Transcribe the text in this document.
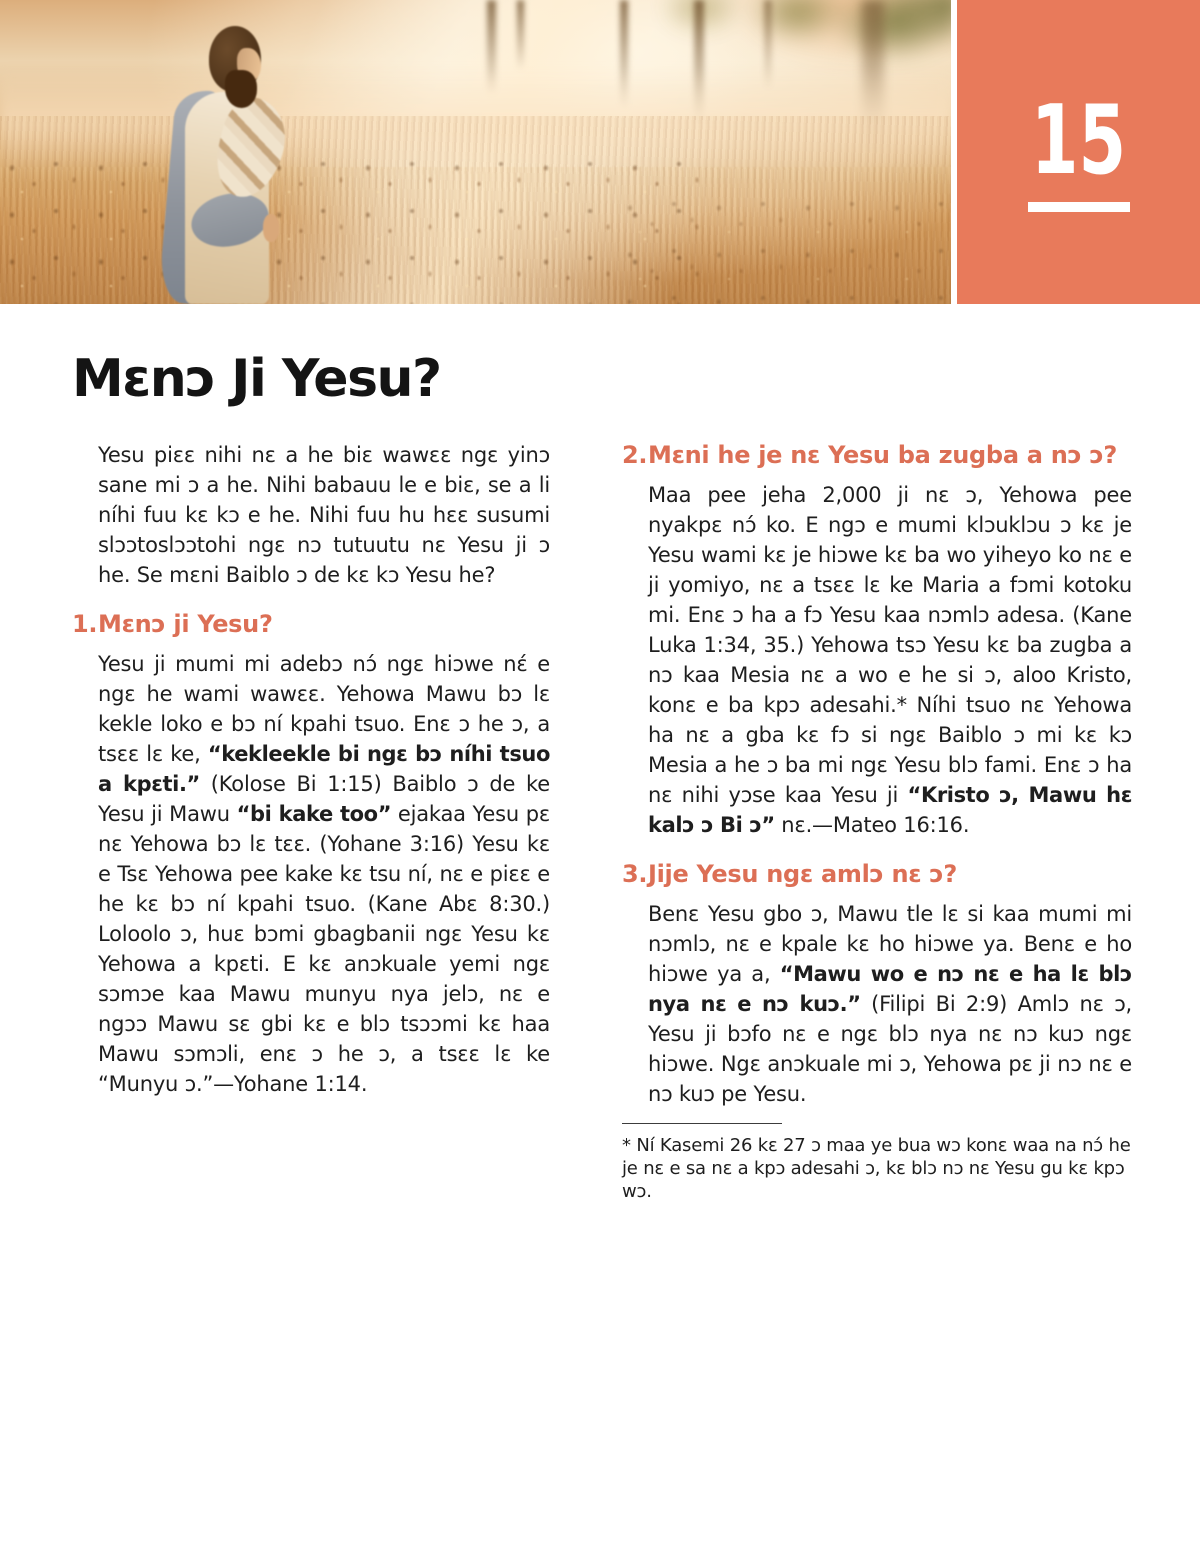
15
Mɛnɔ Ji Yesu?

Yesu piɛɛ nihi nɛ a he biɛ wawɛɛ ngɛ yinɔ sane mi ɔ a he. Nihi babauu le e biɛ, se a li níhi fuu kɛ kɔ e he. Nihi fuu hu hɛɛ susumi slɔɔtoslɔɔtohi ngɛ nɔ tutuutu nɛ Yesu ji ɔ he. Se mɛni Baiblo ɔ de kɛ kɔ Yesu he?

1. Mɛnɔ ji Yesu?

Yesu ji mumi mi adebɔ nɔ́ ngɛ hiɔwe nɛ́ e ngɛ he wami wawɛɛ. Yehowa Mawu bɔ lɛ kekle loko e bɔ ní kpahi tsuo. Enɛ ɔ he ɔ, a tsɛɛ lɛ ke, “kekleekle bi ngɛ bɔ níhi tsuo a kpɛti.” (Kolose Bi 1:15) Baiblo ɔ de ke Yesu ji Mawu “bi kake too” ejakaa Yesu pɛ nɛ Yehowa bɔ lɛ tɛɛ. (Yohane 3:16) Yesu kɛ e Tsɛ Yehowa pee kake kɛ tsu ní, nɛ e piɛɛ e he kɛ bɔ ní kpahi tsuo. (Kane Abɛ 8:30.) Loloolo ɔ, huɛ bɔmi gbagbanii ngɛ Yesu kɛ Yehowa a kpɛti. E kɛ anɔkuale yemi ngɛ sɔmɔe kaa Mawu munyu nya jelɔ, nɛ e ngɔɔ Mawu sɛ gbi kɛ e blɔ tsɔɔmi kɛ haa Mawu sɔmɔli, enɛ ɔ he ɔ, a tsɛɛ lɛ ke “Munyu ɔ.”—Yohane 1:14.

2. Mɛni he je nɛ Yesu ba zugba a nɔ ɔ?

Maa pee jeha 2,000 ji nɛ ɔ, Yehowa pee nyakpɛ nɔ́ ko. E ngɔ e mumi klɔuklɔu ɔ kɛ je Yesu wami kɛ je hiɔwe kɛ ba wo yiheyo ko nɛ e ji yomiyo, nɛ a tsɛɛ lɛ ke Maria a fɔmi kotoku mi. Enɛ ɔ ha a fɔ Yesu kaa nɔmlɔ adesa. (Kane Luka 1:34, 35.) Yehowa tsɔ Yesu kɛ ba zugba a nɔ kaa Mesia nɛ a wo e he si ɔ, aloo Kristo, konɛ e ba kpɔ adesahi.* Níhi tsuo nɛ Yehowa ha nɛ a gba kɛ fɔ si ngɛ Baiblo ɔ mi kɛ kɔ Mesia a he ɔ ba mi ngɛ Yesu blɔ fami. Enɛ ɔ ha nɛ nihi yɔse kaa Yesu ji “Kristo ɔ, Mawu hɛ kalɔ ɔ Bi ɔ” nɛ.—Mateo 16:16.

3. Jije Yesu ngɛ amlɔ nɛ ɔ?

Benɛ Yesu gbo ɔ, Mawu tle lɛ si kaa mumi mi nɔmlɔ, nɛ e kpale kɛ ho hiɔwe ya. Benɛ e ho hiɔwe ya a, “Mawu wo e nɔ nɛ e ha lɛ blɔ nya nɛ e nɔ kuɔ.” (Filipi Bi 2:9) Amlɔ nɛ ɔ, Yesu ji bɔfo nɛ e ngɛ blɔ nya nɛ nɔ kuɔ ngɛ hiɔwe. Ngɛ anɔkuale mi ɔ, Yehowa pɛ ji nɔ nɛ e nɔ kuɔ pe Yesu.

* Ní Kasemi 26 kɛ 27 ɔ maa ye bua wɔ konɛ waa na nɔ́ he je nɛ e sa nɛ a kpɔ adesahi ɔ, kɛ blɔ nɔ nɛ Yesu gu kɛ kpɔ wɔ.
